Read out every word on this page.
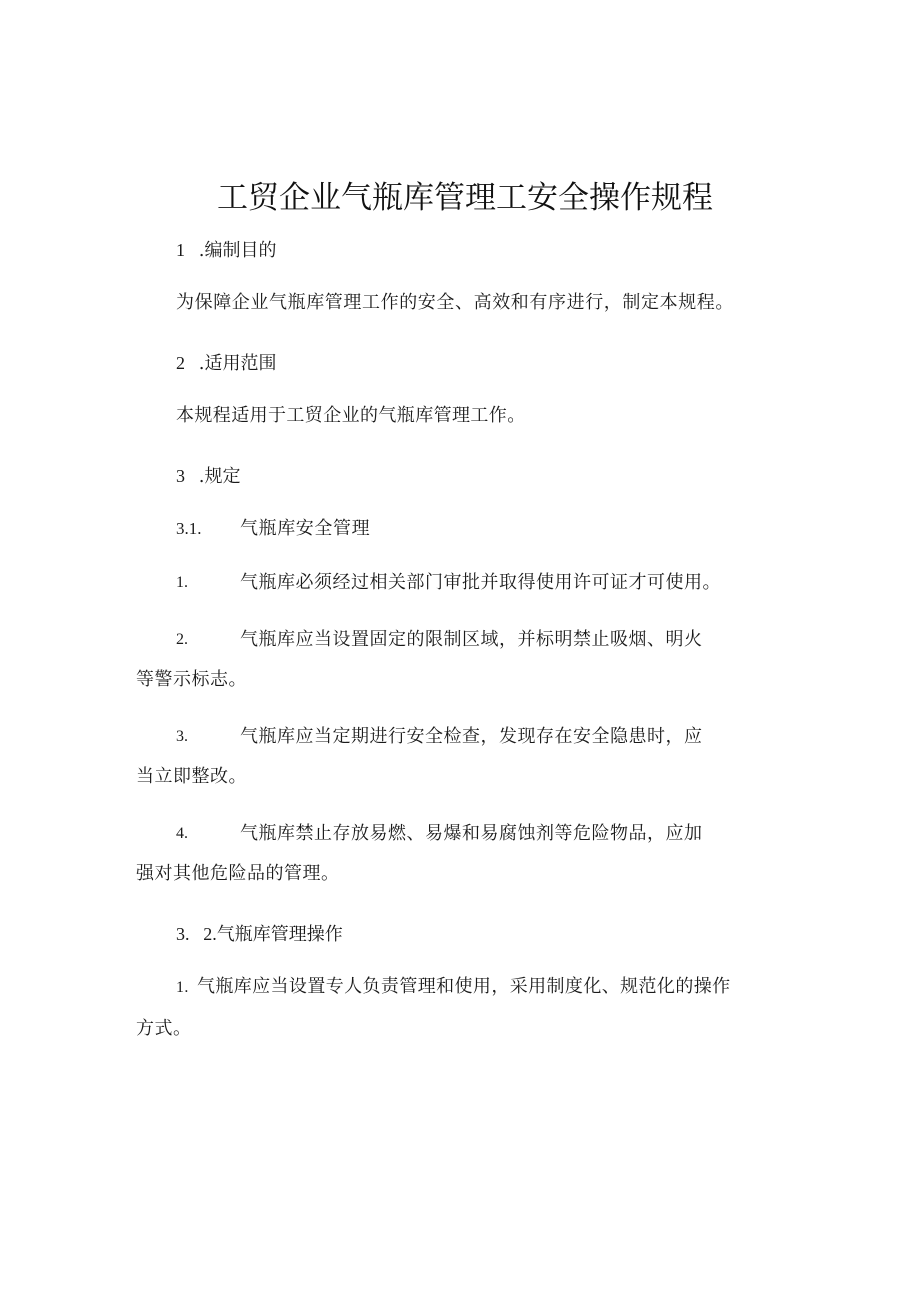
工贸企业气瓶库管理工安全操作规程
1 .编制目的
为保障企业气瓶库管理工作的安全、高效和有序进行，制定本规程。
2 .适用范围
本规程适用于工贸企业的气瓶库管理工作。
3 .规定
3.1. 气瓶库安全管理
1.	气瓶库必须经过相关部门审批并取得使用许可证才可使用。
2.	气瓶库应当设置固定的限制区域，并标明禁止吸烟、明火
等警示标志。
3.	气瓶库应当定期进行安全检查，发现存在安全隐患时，应
当立即整改。
4.	气瓶库禁止存放易燃、易爆和易腐蚀剂等危险物品，应加
强对其他危险品的管理。
3. 2.气瓶库管理操作
1. 气瓶库应当设置专人负责管理和使用，采用制度化、规范化的操作
方式。
